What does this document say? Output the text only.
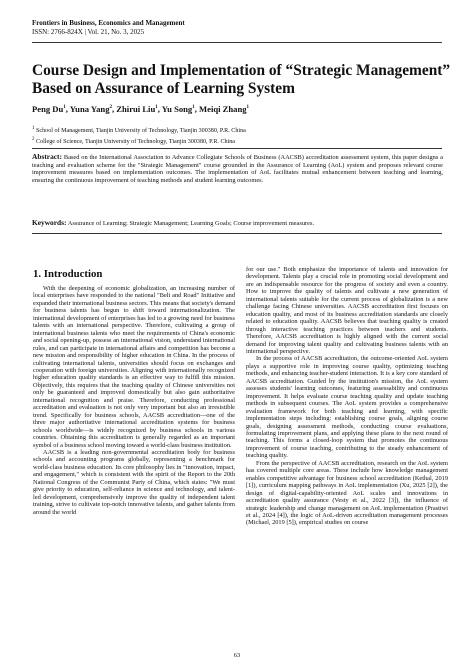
Frontiers in Business, Economics and Management
ISSN: 2766-824X | Vol. 21, No. 3, 2025
Course Design and Implementation of “Strategic Management” Based on Assurance of Learning System
Peng Du$^1$, Yuna Yang$^2$, Zhirui Liu$^1$, Yu Song$^1$, Meiqi Zhang$^1$
$^1$ School of Management, Tianjin University of Technology, Tianjin 300380, P.R. China
$^2$ College of Science, Tianjin University of Technology, Tianjin 300380, P.R. China
Abstract: Based on the International Association to Advance Collegiate Schools of Business (AACSB) accreditation assessment system, this paper designs a teaching and evaluation scheme for the "Strategic Management" course grounded in the Assurance of Learning (AoL) system and proposes relevant course improvement measures based on implementation outcomes. The implementation of AoL facilitates mutual enhancement between teaching and learning, ensuring the continuous improvement of teaching methods and student learning outcomes.
Keywords: Assurance of Learning; Strategic Management; Learning Goals; Course improvement measures.
1. Introduction

With the deepening of economic globalization, an increasing number of local enterprises have responded to the national "Belt and Road" Initiative and expanded their international business sectors. This means that society's demand for business talents has begun to shift toward internationalization. The international development of enterprises has led to a growing need for business talents with an international perspective. Therefore, cultivating a group of international business talents who meet the requirements of China's economic and social opening-up, possess an international vision, understand international rules, and can participate in international affairs and competition has become a new mission and responsibility of higher education in China. In the process of cultivating international talents, universities should focus on exchanges and cooperation with foreign universities. Aligning with internationally recognized higher education quality standards is an effective way to fulfill this mission. Objectively, this requires that the teaching quality of Chinese universities not only be guaranteed and improved domestically but also gain authoritative international recognition and praise. Therefore, conducting professional accreditation and evaluation is not only very important but also an irresistible trend. Specifically for business schools, AACSB accreditation—one of the three major authoritative international accreditation systems for business schools worldwide—is widely recognized by business schools in various countries. Obtaining this accreditation is generally regarded as an important symbol of a business school moving toward a world-class business institution.

AACSB is a leading non-governmental accreditation body for business schools and accounting programs globally, representing a benchmark for world-class business education. Its core philosophy lies in "innovation, impact, and engagement," which is consistent with the spirit of the Report to the 20th National Congress of the Communist Party of China, which states: "We must give priority to education, self-reliance in science and technology, and talent-led development, comprehensively improve the quality of independent talent training, strive to cultivate top-notch innovative talents, and gather talents from around the world

for our use." Both emphasize the importance of talents and innovation for development. Talents play a crucial role in promoting social development and are an indispensable resource for the progress of society and even a country. How to improve the quality of talents and cultivate a new generation of international talents suitable for the current process of globalization is a new challenge facing Chinese universities. AACSB accreditation first focuses on education quality, and most of its business accreditation standards are closely related to education quality. AACSB believes that teaching quality is created through interactive teaching practices between teachers and students. Therefore, AACSB accreditation is highly aligned with the current social demand for improving talent quality and cultivating business talents with an international perspective.

In the process of AACSB accreditation, the outcome-oriented AoL system plays a supportive role in improving course quality, optimizing teaching methods, and enhancing teacher-student interaction. It is a key core standard of AACSB accreditation. Guided by the institution's mission, the AoL system assesses students' learning outcomes, featuring assessability and continuous improvement. It helps evaluate course teaching quality and update teaching methods in subsequent courses. The AoL system provides a comprehensive evaluation framework for both teaching and learning, with specific implementation steps including: establishing course goals, aligning course goals, designing assessment methods, conducting course evaluations, formulating improvement plans, and applying these plans to the next round of teaching. This forms a closed-loop system that promotes the continuous improvement of course teaching, contributing to the steady enhancement of teaching quality.

From the perspective of AACSB accreditation, research on the AoL system has covered multiple core areas. These include how knowledge management enables competitive advantage for business school accreditation (Kethal, 2019 [1]), curriculum mapping pathways in AoL implementation (Xu, 2025 [2]), the design of digital-capability-oriented AoL scales and innovations in accreditation quality assurance (Vesty et al., 2022 [3]), the influence of strategic leadership and change management on AoL implementation (Prastiwi et al., 2024 [4]), the logic of AoL-driven accreditation management processes (Michael, 2019 [5]), empirical studies on course

63
